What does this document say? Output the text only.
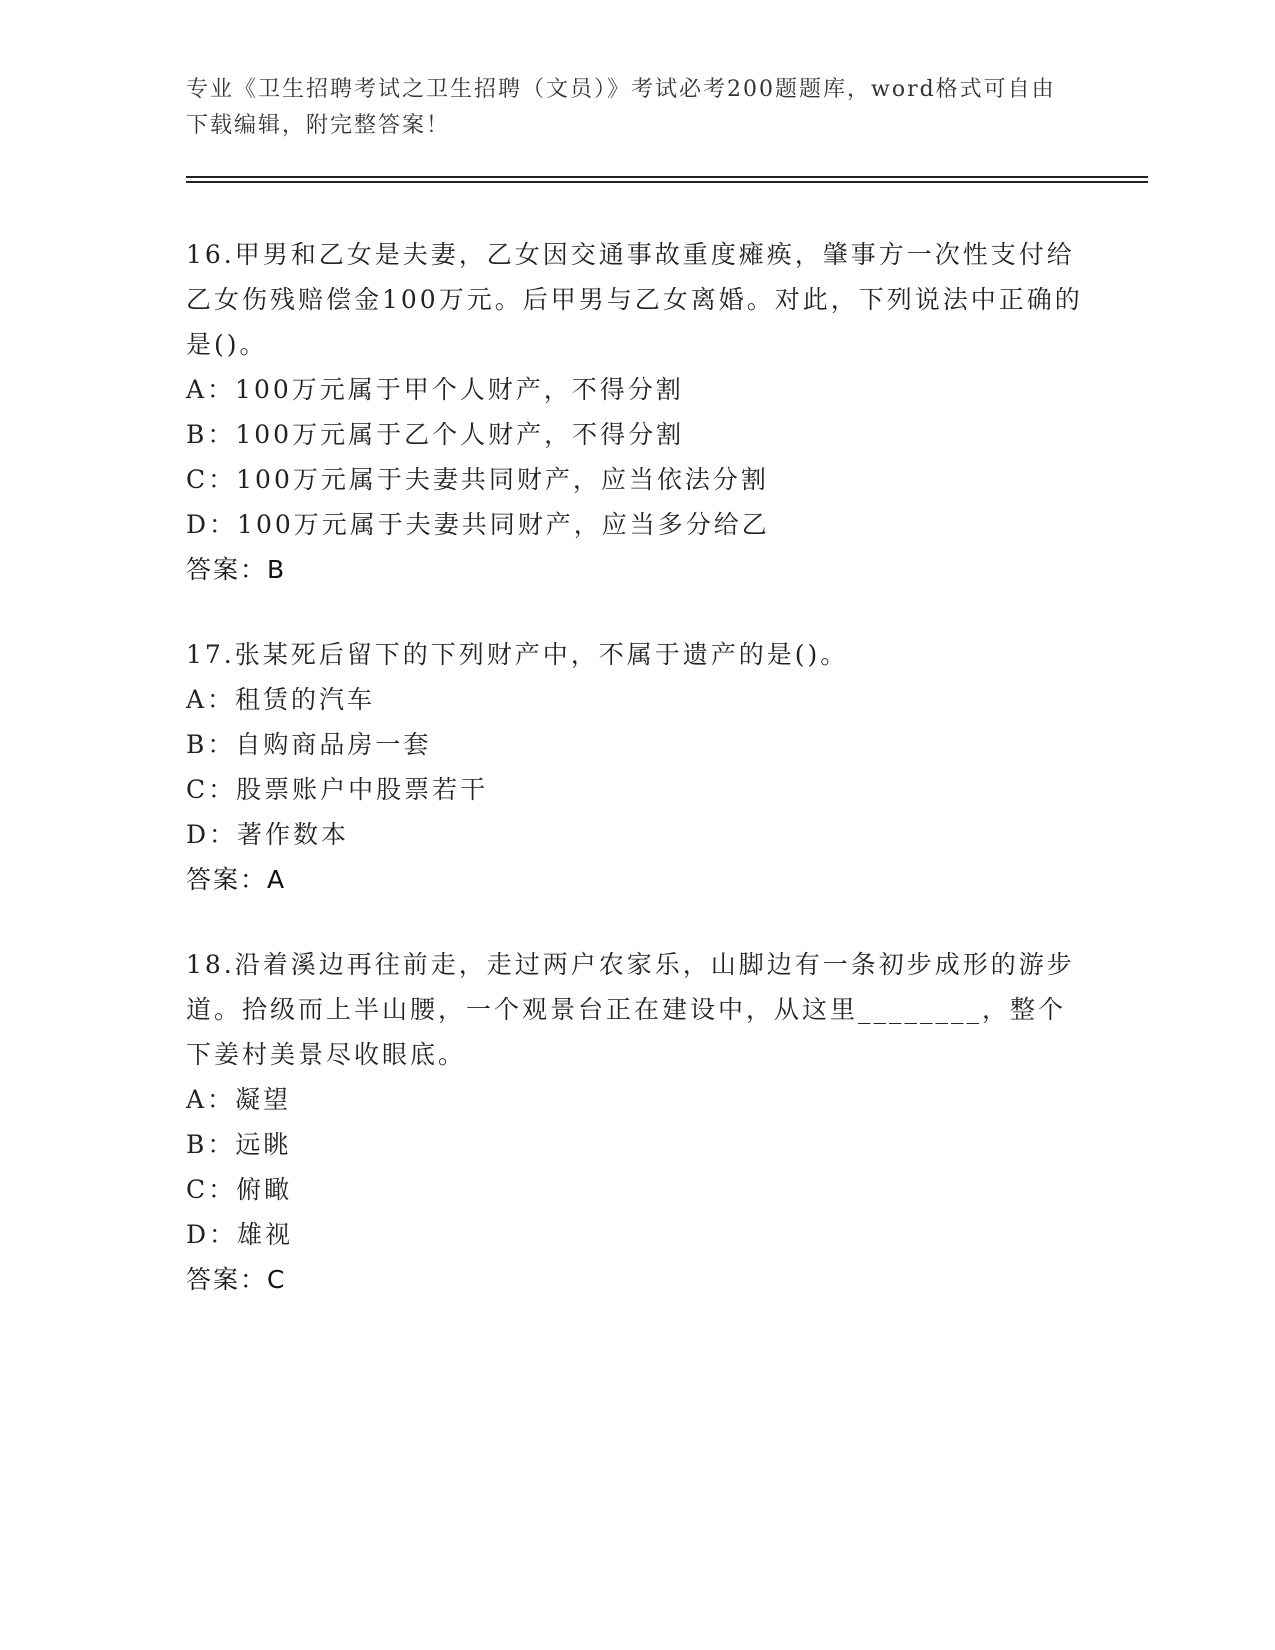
专业《卫生招聘考试之卫生招聘（文员）》考试必考200题题库，word格式可自由下载编辑，附完整答案！
16.甲男和乙女是夫妻，乙女因交通事故重度瘫痪，肇事方一次性支付给乙女伤残赔偿金100万元。后甲男与乙女离婚。对此，下列说法中正确的是()。
A：100万元属于甲个人财产，不得分割
B：100万元属于乙个人财产，不得分割
C：100万元属于夫妻共同财产，应当依法分割
D：100万元属于夫妻共同财产，应当多分给乙
答案：B
17.张某死后留下的下列财产中，不属于遗产的是()。
A：租赁的汽车
B：自购商品房一套
C：股票账户中股票若干
D：著作数本
答案：A
18.沿着溪边再往前走，走过两户农家乐，山脚边有一条初步成形的游步道。拾级而上半山腰，一个观景台正在建设中，从这里________，整个下姜村美景尽收眼底。
A：凝望
B：远眺
C：俯瞰
D：雄视
答案：C
